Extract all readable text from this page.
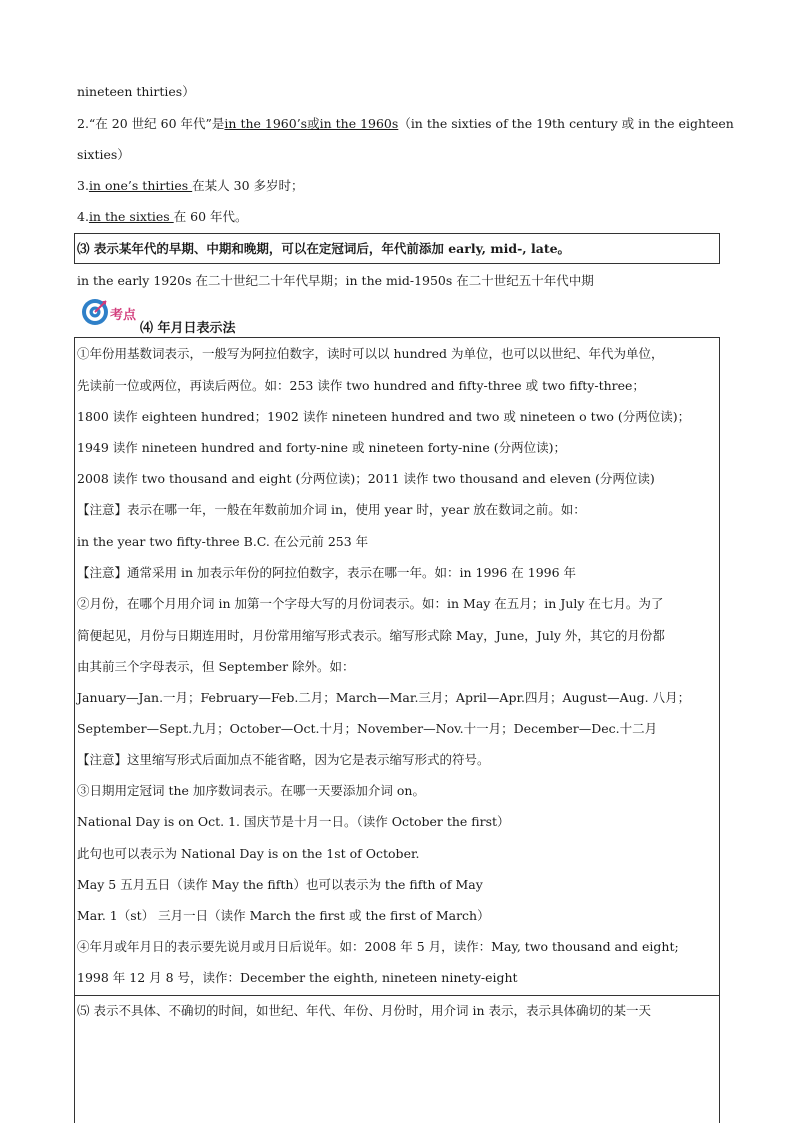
nineteen thirties）
2.“在 20 世纪 60 年代”是in the 1960’s或in the 1960s（in the sixties of the 19th century 或 in the eighteen
sixties）
3.in one’s thirties 在某人 30 多岁时；
4.in the sixties 在 60 年代。
⑶ 表示某年代的早期、中期和晚期，可以在定冠词后，年代前添加 early, mid-, late。
in the early 1920s 在二十世纪二十年代早期；in the mid-1950s 在二十世纪五十年代中期
考点
⑷ 年月日表示法
①年份用基数词表示，一般写为阿拉伯数字，读时可以以 hundred 为单位，也可以以世纪、年代为单位，
先读前一位或两位，再读后两位。如：253 读作 two hundred and fifty-three 或 two fifty-three；
1800 读作 eighteen hundred；1902 读作 nineteen hundred and two 或 nineteen o two (分两位读)；
1949 读作 nineteen hundred and forty-nine 或 nineteen forty-nine (分两位读)；
2008 读作 two thousand and eight (分两位读)；2011 读作 two thousand and eleven (分两位读)
【注意】表示在哪一年，一般在年数前加介词 in，使用 year 时，year 放在数词之前。如：
in the year two fifty-three B.C. 在公元前 253 年
【注意】通常采用 in 加表示年份的阿拉伯数字，表示在哪一年。如：in 1996 在 1996 年
②月份，在哪个月用介词 in 加第一个字母大写的月份词表示。如：in May 在五月；in July 在七月。为了
简便起见，月份与日期连用时，月份常用缩写形式表示。缩写形式除 May，June，July 外，其它的月份都
由其前三个字母表示，但 September 除外。如：
January—Jan.一月；February—Feb.二月；March—Mar.三月；April—Apr.四月；August—Aug. 八月；
September—Sept.九月；October—Oct.十月；November—Nov.十一月；December—Dec.十二月
【注意】这里缩写形式后面加点不能省略，因为它是表示缩写形式的符号。
③日期用定冠词 the 加序数词表示。在哪一天要添加介词 on。
National Day is on Oct. 1. 国庆节是十月一日。（读作 October the first）
此句也可以表示为 National Day is on the 1st of October.
May 5 五月五日（读作 May the fifth）也可以表示为 the fifth of May
Mar. 1（st） 三月一日（读作 March the first 或 the first of March）
④年月或年月日的表示要先说月或月日后说年。如：2008 年 5 月，读作：May, two thousand and eight;
1998 年 12 月 8 号，读作：December the eighth, nineteen ninety-eight
⑸ 表示不具体、不确切的时间，如世纪、年代、年份、月份时，用介词 in 表示，表示具体确切的某一天
